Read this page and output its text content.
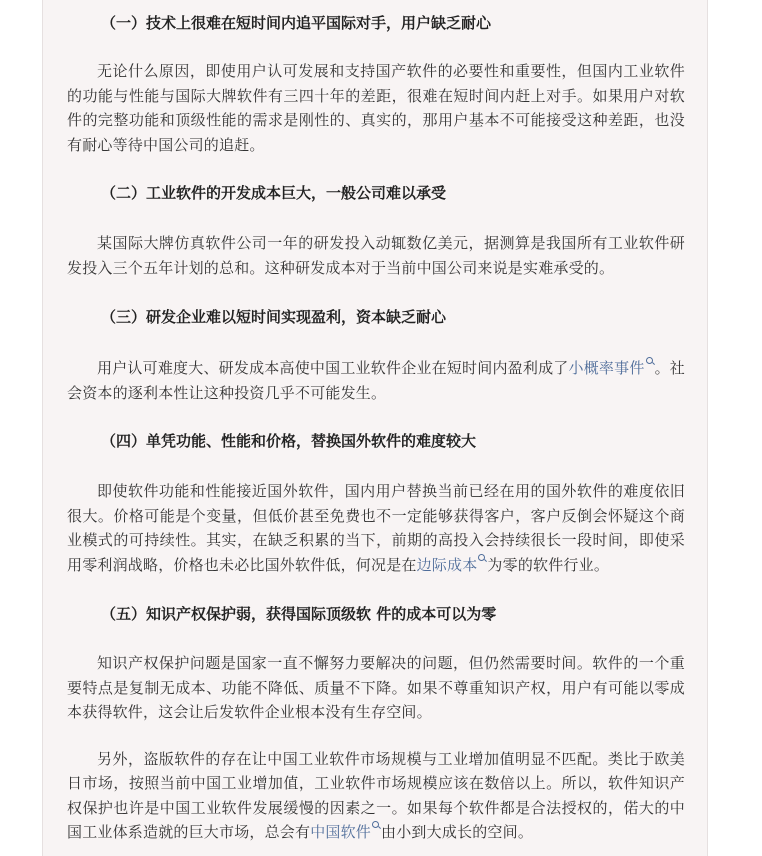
（一）技术上很难在短时间内追平国际对手，用户缺乏耐心

无论什么原因，即使用户认可发展和支持国产软件的必要性和重要性，但国内工业软件的功能与性能与国际大牌软件有三四十年的差距，很难在短时间内赶上对手。如果用户对软件的完整功能和顶级性能的需求是刚性的、真实的，那用户基本不可能接受这种差距，也没有耐心等待中国公司的追赶。

（二）工业软件的开发成本巨大，一般公司难以承受

某国际大牌仿真软件公司一年的研发投入动辄数亿美元，据测算是我国所有工业软件研发投入三个五年计划的总和。这种研发成本对于当前中国公司来说是实难承受的。

（三）研发企业难以短时间实现盈利，资本缺乏耐心

用户认可难度大、研发成本高使中国工业软件企业在短时间内盈利成了小概率事件 。社会资本的逐利本性让这种投资几乎不可能发生。

（四）单凭功能、性能和价格，替换国外软件的难度较大

即使软件功能和性能接近国外软件，国内用户替换当前已经在用的国外软件的难度依旧很大。价格可能是个变量，但低价甚至免费也不一定能够获得客户，客户反倒会怀疑这个商业模式的可持续性。其实，在缺乏积累的当下，前期的高投入会持续很长一段时间，即使采用零利润战略，价格也未必比国外软件低，何况是在边际成本 为零的软件行业。

（五）知识产权保护弱，获得国际顶级软 件的成本可以为零

知识产权保护问题是国家一直不懈努力要解决的问题，但仍然需要时间。软件的一个重要特点是复制无成本、功能不降低、质量不下降。如果不尊重知识产权，用户有可能以零成本获得软件，这会让后发软件企业根本没有生存空间。

另外，盗版软件的存在让中国工业软件市场规模与工业增加值明显不匹配。类比于欧美日市场，按照当前中国工业增加值，工业软件市场规模应该在数倍以上。所以，软件知识产权保护也许是中国工业软件发展缓慢的因素之一。如果每个软件都是合法授权的，偌大的中国工业体系造就的巨大市场，总会有中国软件 由小到大成长的空间。
